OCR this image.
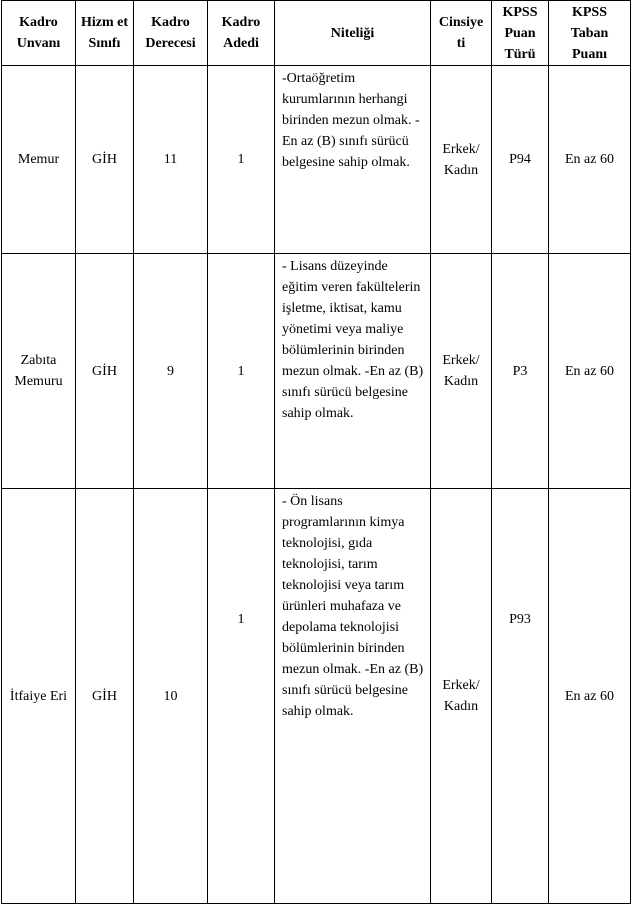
Kadro Unvanı	Hizm et Sınıfı	Kadro Derecesi	Kadro Adedi	Niteliği	Cinsiye ti	KPSS Puan Türü	KPSS Taban Puanı
Memur	GİH	11	1	-Ortaöğretim kurumlarının herhangi birinden mezun olmak. -En az (B) sınıfı sürücü belgesine sahip olmak.	Erkek/ Kadın	P94	En az 60
Zabıta Memuru	GİH	9	1	- Lisans düzeyinde eğitim veren fakültelerin işletme, iktisat, kamu yönetimi veya maliye bölümlerinin birinden mezun olmak. -En az (B) sınıfı sürücü belgesine sahip olmak.	Erkek/ Kadın	P3	En az 60
İtfaiye Eri	GİH	10	1	- Ön lisans programlarının kimya teknolojisi, gıda teknolojisi, tarım teknolojisi veya tarım ürünleri muhafaza ve depolama teknolojisi bölümlerinin birinden mezun olmak. -En az (B) sınıfı sürücü belgesine sahip olmak.	Erkek/ Kadın	P93	En az 60
